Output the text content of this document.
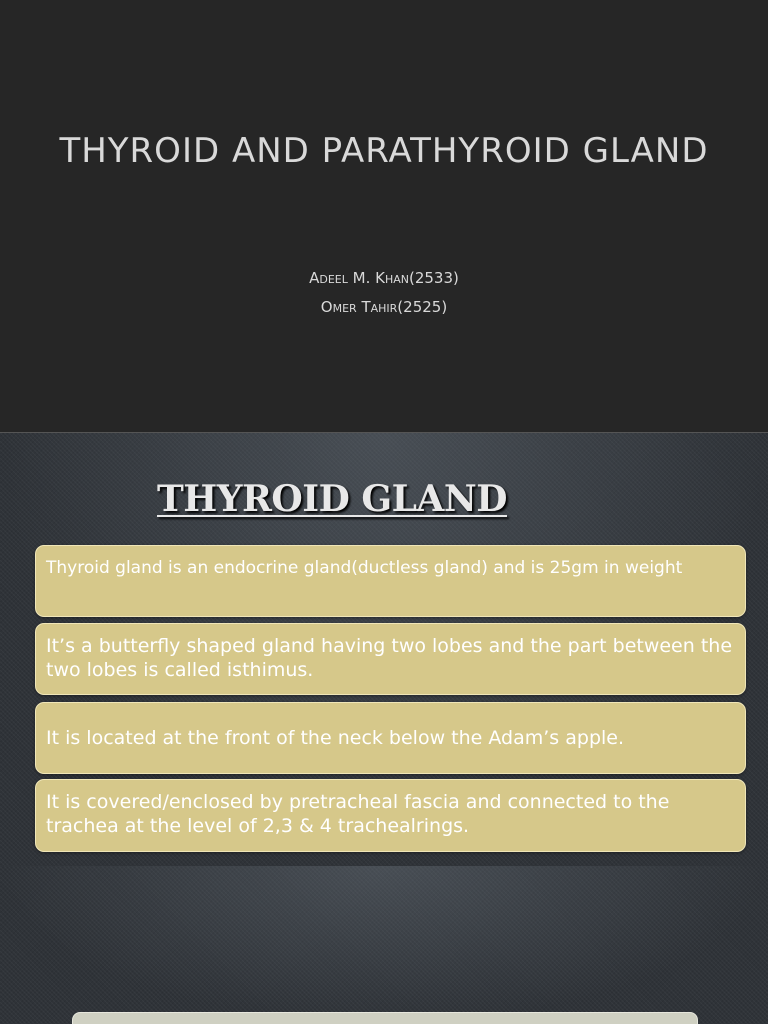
THYROID AND PARATHYROID GLAND
Adeel M. Khan(2533)
Omer Tahir(2525)
THYROID GLAND
Thyroid gland is an endocrine gland(ductless gland) and is 25gm in weight
It’s a butterfly shaped gland having two lobes and the part between the two lobes is called isthimus.
It is located at the front of the neck below the Adam’s apple.
It is covered/enclosed by pretracheal fascia and connected to the trachea at the level of 2,3 & 4 trachealrings.
